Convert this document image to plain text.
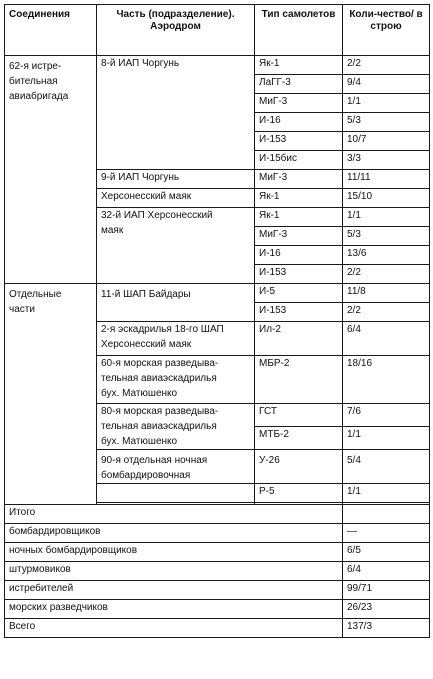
Соединения	Часть (подразделение). Аэродром	Тип самолетов	Коли-чество/ в строю
62-я истре-
бительная
авиабригада	8-й ИАП Чоргунь	Як-1	2/2
		ЛаГГ-3	9/4
		МиГ-3	1/1
		И-16	5/3
		И-153	10/7
		И-15бис	3/3
	9-й ИАП Чоргунь	МиГ-3	11/11
	Херсонесский маяк	Як-1	15/10
	32-й ИАП Херсонесский
маяк	Як-1	1/1
		МиГ-3	5/3
		И-16	13/6
		И-153	2/2
Отдельные
части	11-й ШАП Байдары	И-5	11/8
		И-153	2/2
	2-я эскадрилья 18-го ШАП
Херсонесский маяк	Ил-2	6/4
	60-я морская разведыва-
тельная авиаэскадрилья
бух. Матюшенко	МБР-2	18/16
	80-я морская разведыва-
тельная авиаэскадрилья
бух. Матюшенко	ГСТ	7/6
		МТБ-2	1/1
	90-я отдельная ночная
бомбардировочная	У-26	5/4
		Р-5	1/1

Итого			
бомбардировщиков			—
ночных бомбардировщиков			6/5
штурмовиков			6/4
истребителей			99/71
морских разведчиков			26/23
Всего			137/3
